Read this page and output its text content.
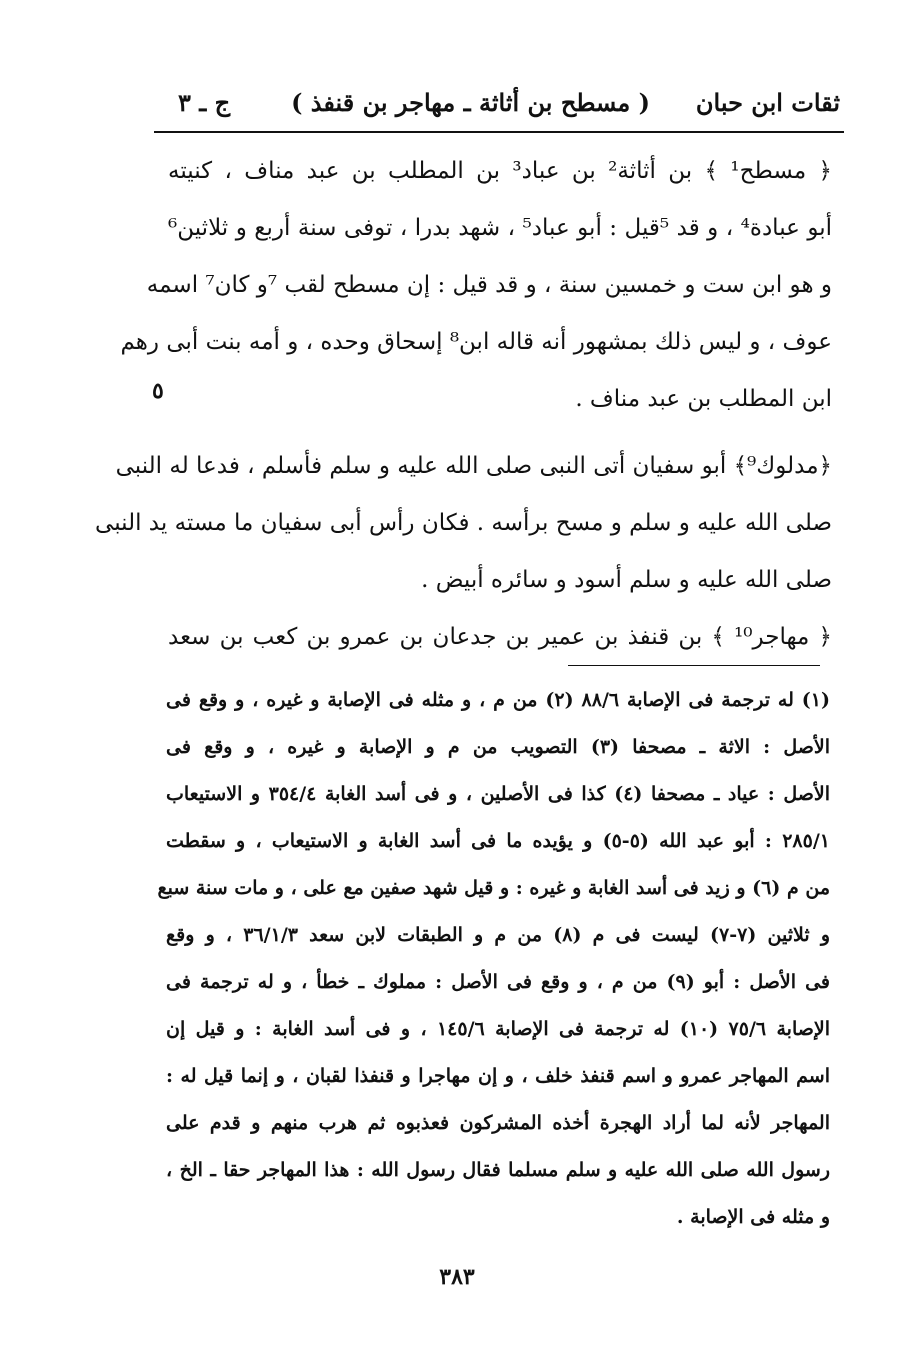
ثقات ابن حبان
( مسطح بن أثاثة ـ مهاجر بن قنفذ )
ج ـ ٣
﴿ مسطح¹ ﴾ بن أثاثة² بن عباد³ بن المطلب بن عبد مناف ، كنيته
أبو عبادة⁴ ، و قد ⁵قيل : أبو عباد⁵ ، شهد بدرا ، توفى سنة أربع و ثلاثين⁶
و هو ابن ست و خمسين سنة ، و قد قيل : إن مسطح لقب ⁷و كان⁷ اسمه
عوف ، و ليس ذلك بمشهور أنه قاله ابن⁸ إسحاق وحده ، و أمه بنت أبى رهم
ابن المطلب بن عبد مناف .
﴿مدلوك⁹﴾ أبو سفيان أتى النبى صلى الله عليه و سلم فأسلم ، فدعا له النبى
صلى الله عليه و سلم و مسح برأسه . فكان رأس أبى سفيان ما مسته يد النبى
صلى الله عليه و سلم أسود و سائره أبيض .
﴿ مهاجر¹⁰ ﴾ بن قنفذ بن عمير بن جدعان بن عمرو بن كعب بن سعد
٥
(١) له ترجمة فى الإصابة ٨٨/٦ (٢) من م ، و مثله فى الإصابة و غيره ، و وقع فى
الأصل : الاثة ـ مصحفا (٣) التصويب من م و الإصابة و غيره ، و وقع فى
الأصل : عياد ـ مصحفا (٤) كذا فى الأصلين ، و فى أسد الغابة ٣٥٤/٤ و الاستيعاب
٢٨٥/١ : أبو عبد الله (٥-٥) و يؤيده ما فى أسد الغابة و الاستيعاب ، و سقطت
من م (٦) و زيد فى أسد الغابة و غيره : و قيل شهد صفين مع على ، و مات سنة سبع
و ثلاثين (٧-٧) ليست فى م (٨) من م و الطبقات لابن سعد ٣٦/١/٣ ، و وقع
فى الأصل : أبو (٩) من م ، و وقع فى الأصل : مملوك ـ خطأ ، و له ترجمة فى
الإصابة ٧٥/٦ (١٠) له ترجمة فى الإصابة ١٤٥/٦ ، و فى أسد الغابة : و قيل إن
اسم المهاجر عمرو و اسم قنفذ خلف ، و إن مهاجرا و قنفذا لقبان ، و إنما قيل له :
المهاجر لأنه لما أراد الهجرة أخذه المشركون فعذبوه ثم هرب منهم و قدم على
رسول الله صلى الله عليه و سلم مسلما فقال رسول الله : هذا المهاجر حقا ـ الخ ،
و مثله فى الإصابة .
٣٨٣
